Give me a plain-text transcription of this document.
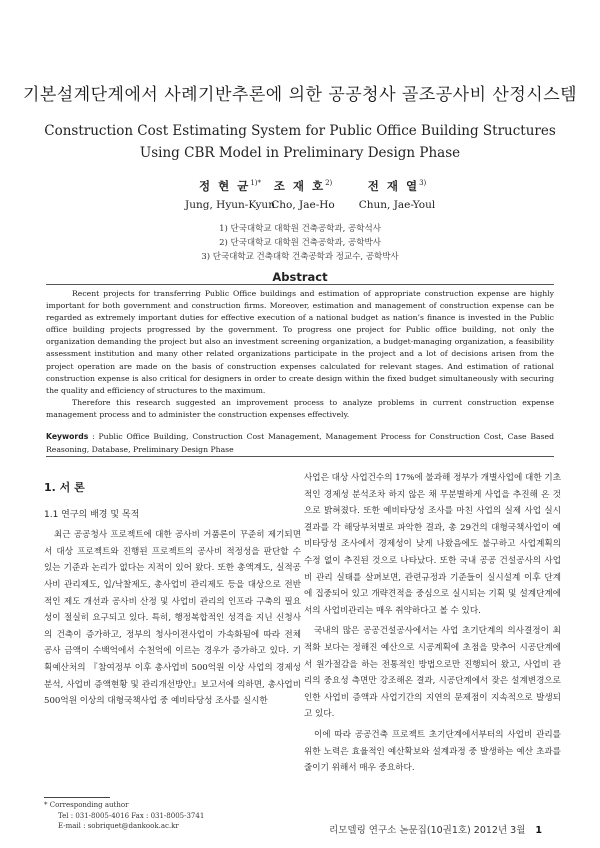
기본설계단계에서 사례기반추론에 의한 공공청사 골조공사비 산정시스템
Construction Cost Estimating System for Public Office Building Structures
Using CBR Model in Preliminary Design Phase
정 현 균$^{1)*}$
Jung, Hyun-Kyun
조 재 호$^{2)}$
Cho, Jae-Ho
전 재 열$^{3)}$
Chun, Jae-Youl
1) 단국대학교 대학원 건축공학과, 공학석사
2) 단국대학교 대학원 건축공학과, 공학박사
3) 단국대학교 건축대학 건축공학과 정교수, 공학박사
Abstract
Recent projects for transferring Public Office buildings and estimation of appropriate construction expense are highly important for both government and construction firms. Moreover, estimation and management of construction expense can be regarded as extremely important duties for effective execution of a national budget as nation’s finance is invested in the Public office building projects progressed by the government. To progress one project for Public office building, not only the organization demanding the project but also an investment screening organization, a budget-managing organization, a feasibility assessment institution and many other related organizations participate in the project and a lot of decisions arisen from the project operation are made on the basis of construction expenses calculated for relevant stages. And estimation of rational construction expense is also critical for designers in order to create design within the fixed budget simultaneously with securing the quality and efficiency of structures to the maximum.
Therefore this research suggested an improvement process to analyze problems in current construction expense management process and to administer the construction expenses effectively.
Keywords : Public Office Building, Construction Cost Management, Management Process for Construction Cost, Case Based Reasoning, Database, Preliminary Design Phase
1. 서 론
1.1 연구의 배경 및 목적

최근 공공청사 프로젝트에 대한 공사비 거품론이 꾸준히 제기되면서 대상 프로젝트와 진행된 프로젝트의 공사비 적정성을 판단할 수 있는 기준과 논리가 없다는 지적이 있어 왔다. 또한 총액계도, 실적공사비 관리제도, 입/낙찰제도, 총사업비 관리제도 등을 대상으로 전반적인 제도 개선과 공사비 산정 및 사업비 관리의 인프라 구축의 필요성이 절실히 요구되고 있다. 특히, 행정복합적인 성격을 지닌 신청사의 건축이 증가하고, 정부의 청사이전사업이 가속화됨에 따라 전체 공사 금액이 수백억에서 수천억에 이르는 경우가 증가하고 있다. 기획예산처의 『참여정부 이후 총사업비 500억원 이상 사업의 경제성분석, 사업비 증액현황 및 관리개선방안』보고서에 의하면, 총사업비 500억원 이상의 대형국책사업 중 예비타당성 조사를 실시한

사업은 대상 사업건수의 17%에 불과해 정부가 개별사업에 대한 기초적인 경제성 분석조차 하지 않은 채 무분별하게 사업을 추진해 온 것으로 밝혀졌다. 또한 예비타당성 조사를 마친 사업의 실제 사업 실시 결과를 각 해당부처별로 파악한 결과, 총 29건의 대형국책사업이 예비타당성 조사에서 경제성이 낮게 나왔음에도 불구하고 사업계획의 수정 없이 추진된 것으로 나타났다. 또한 국내 공공 건설공사의 사업비 관리 실태를 살펴보면, 관련규정과 기준들이 실시설계 이후 단계에 집중되어 있고 개략견적을 중심으로 실시되는 기획 및 설계단계에서의 사업비관리는 매우 취약하다고 볼 수 있다.

국내의 많은 공공건설공사에서는 사업 초기단계의 의사결정이 최적화 보다는 정해진 예산으로 시공계획에 초점을 맞추어 시공단계에서 원가절감을 하는 전통적인 방법으로만 진행되어 왔고, 사업비 관리의 중요성 측면만 강조해온 결과, 시공단계에서 잦은 설계변경으로 인한 사업비 증액과 사업기간의 지연의 문제점이 지속적으로 발생되고 있다.

이에 따라 공공건축 프로젝트 초기단계에서부터의 사업비 관리를 위한 노력은 효율적인 예산확보와 설계과정 중 발생하는 예산 초과를 줄이기 위해서 매우 중요하다.

* Corresponding author
Tel : 031-8005-4016 Fax : 031-8005-3741
E-mail : sobriquet@dankook.ac.kr	리모델링 연구소 논문집(10권1호) 2012년 3월 1
